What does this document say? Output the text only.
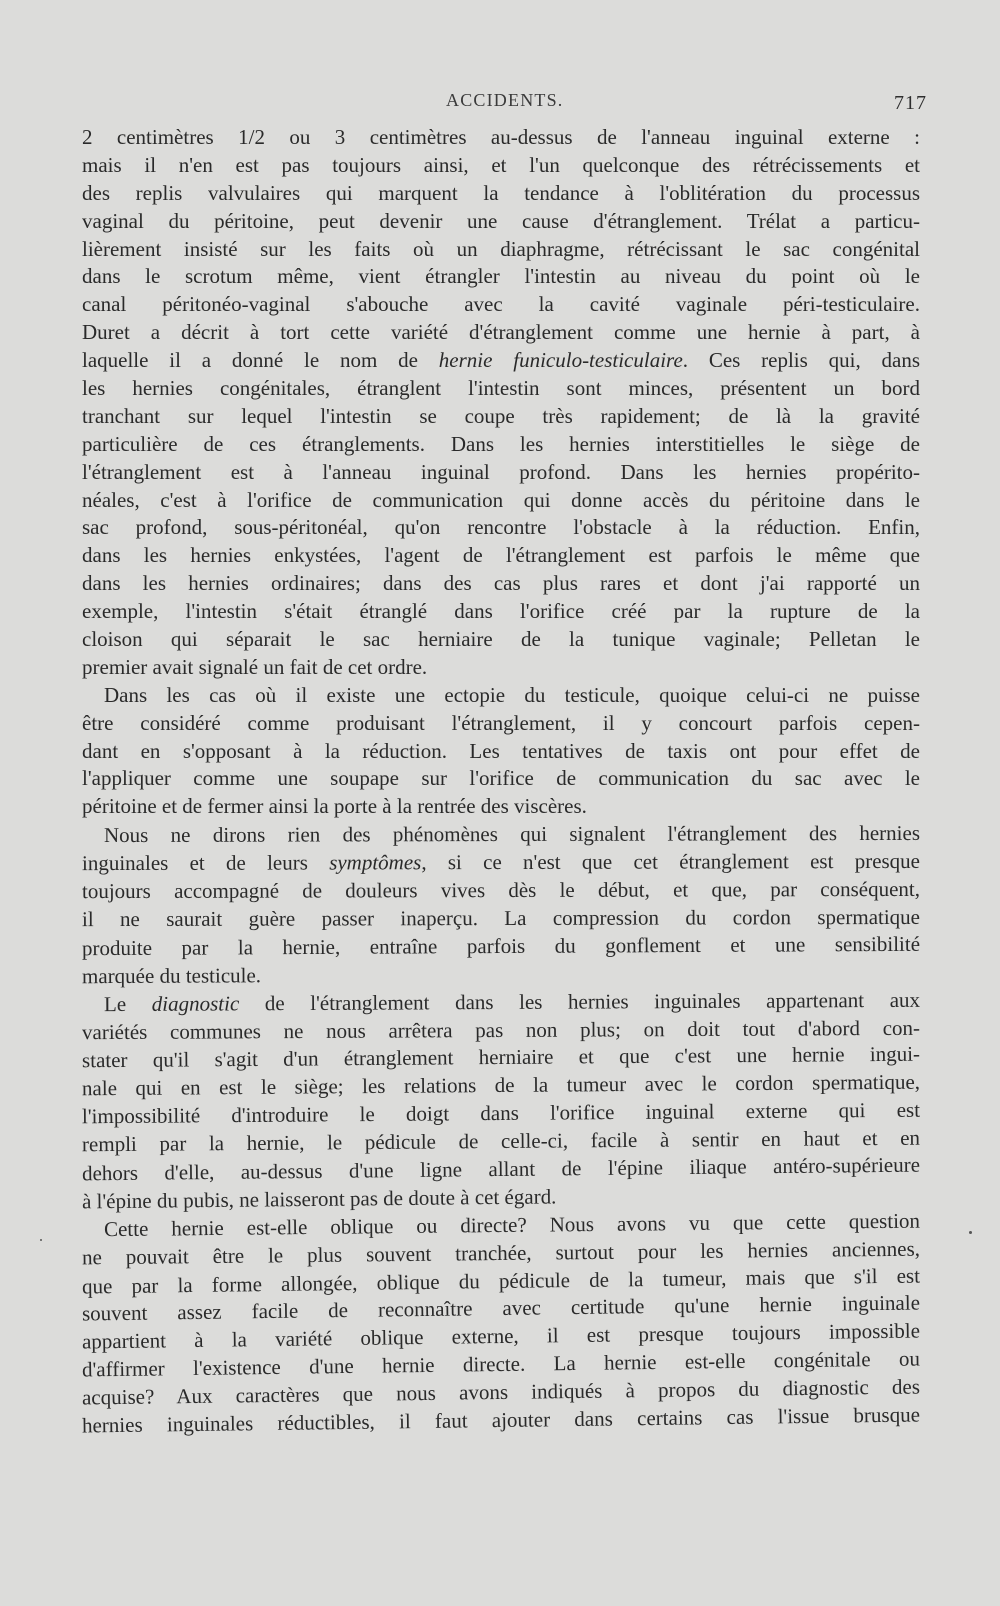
ACCIDENTS.	717
2 centimètres 1/2 ou 3 centimètres au-dessus de l'anneau inguinal externe :
mais il n'en est pas toujours ainsi, et l'un quelconque des rétrécissements et
des replis valvulaires qui marquent la tendance à l'oblitération du processus
vaginal du péritoine, peut devenir une cause d'étranglement. Trélat a particu-
lièrement insisté sur les faits où un diaphragme, rétrécissant le sac congénital
dans le scrotum même, vient étrangler l'intestin au niveau du point où le
canal péritonéo-vaginal s'abouche avec la cavité vaginale péri-testiculaire.
Duret a décrit à tort cette variété d'étranglement comme une hernie à part, à
laquelle il a donné le nom de hernie funiculo-testiculaire. Ces replis qui, dans
les hernies congénitales, étranglent l'intestin sont minces, présentent un bord
tranchant sur lequel l'intestin se coupe très rapidement; de là la gravité
particulière de ces étranglements. Dans les hernies interstitielles le siège de
l'étranglement est à l'anneau inguinal profond. Dans les hernies propérito-
néales, c'est à l'orifice de communication qui donne accès du péritoine dans le
sac profond, sous-péritonéal, qu'on rencontre l'obstacle à la réduction. Enfin,
dans les hernies enkystées, l'agent de l'étranglement est parfois le même que
dans les hernies ordinaires; dans des cas plus rares et dont j'ai rapporté un
exemple, l'intestin s'était étranglé dans l'orifice créé par la rupture de la
cloison qui séparait le sac herniaire de la tunique vaginale; Pelletan le
premier avait signalé un fait de cet ordre.
Dans les cas où il existe une ectopie du testicule, quoique celui-ci ne puisse
être considéré comme produisant l'étranglement, il y concourt parfois cepen-
dant en s'opposant à la réduction. Les tentatives de taxis ont pour effet de
l'appliquer comme une soupape sur l'orifice de communication du sac avec le
péritoine et de fermer ainsi la porte à la rentrée des viscères.
Nous ne dirons rien des phénomènes qui signalent l'étranglement des hernies
inguinales et de leurs symptômes, si ce n'est que cet étranglement est presque
toujours accompagné de douleurs vives dès le début, et que, par conséquent,
il ne saurait guère passer inaperçu. La compression du cordon spermatique
produite par la hernie, entraîne parfois du gonflement et une sensibilité
marquée du testicule.
Le diagnostic de l'étranglement dans les hernies inguinales appartenant aux
variétés communes ne nous arrêtera pas non plus; on doit tout d'abord con-
stater qu'il s'agit d'un étranglement herniaire et que c'est une hernie ingui-
nale qui en est le siège; les relations de la tumeur avec le cordon spermatique,
l'impossibilité d'introduire le doigt dans l'orifice inguinal externe qui est
rempli par la hernie, le pédicule de celle-ci, facile à sentir en haut et en
dehors d'elle, au-dessus d'une ligne allant de l'épine iliaque antéro-supérieure
à l'épine du pubis, ne laisseront pas de doute à cet égard.
Cette hernie est-elle oblique ou directe? Nous avons vu que cette question
ne pouvait être le plus souvent tranchée, surtout pour les hernies anciennes,
que par la forme allongée, oblique du pédicule de la tumeur, mais que s'il est
souvent assez facile de reconnaître avec certitude qu'une hernie inguinale
appartient à la variété oblique externe, il est presque toujours impossible
d'affirmer l'existence d'une hernie directe. La hernie est-elle congénitale ou
acquise? Aux caractères que nous avons indiqués à propos du diagnostic des
hernies inguinales réductibles, il faut ajouter dans certains cas l'issue brusque
